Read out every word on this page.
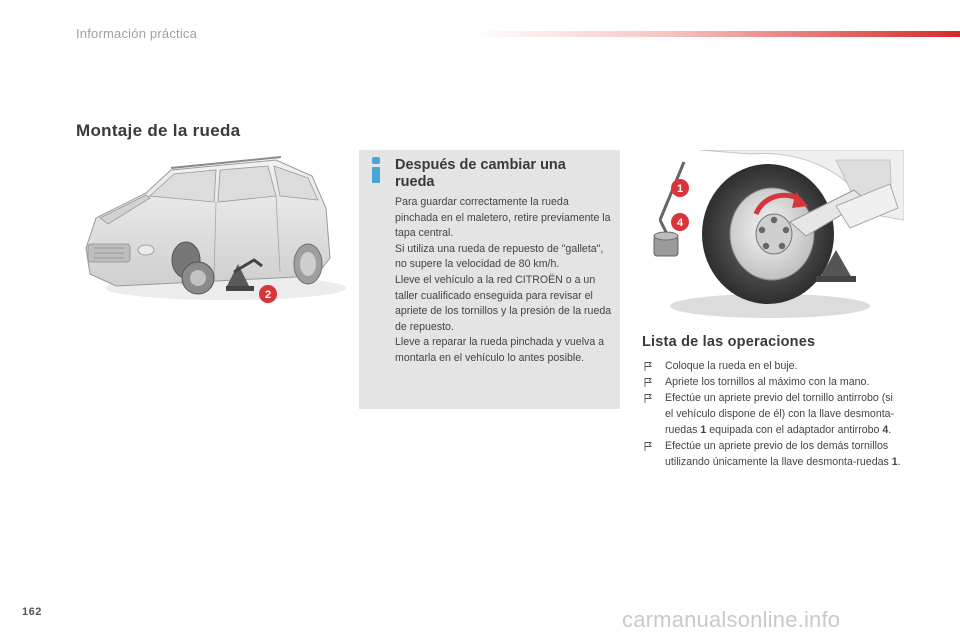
Información práctica
Montaje de la rueda
2
Después de cambiar una rueda
Para guardar correctamente la rueda pinchada en el maletero, retire previamente la tapa central.
Si utiliza una rueda de repuesto de "galleta", no supere la velocidad de 80 km/h.
Lleve el vehículo a la red CITROËN o a un taller cualificado enseguida para revisar el apriete de los tornillos y la presión de la rueda de repuesto.
Lleve a reparar la rueda pinchada y vuelva a montarla en el vehículo lo antes posible.
1
4
Lista de las operaciones
Coloque la rueda en el buje.
Apriete los tornillos al máximo con la mano.
Efectúe un apriete previo del tornillo antirrobo (si el vehículo dispone de él) con la llave desmonta-ruedas 1 equipada con el adaptador antirrobo 4.
Efectúe un apriete previo de los demás tornillos utilizando únicamente la llave desmonta-ruedas 1.
162	carmanualsonline.info
